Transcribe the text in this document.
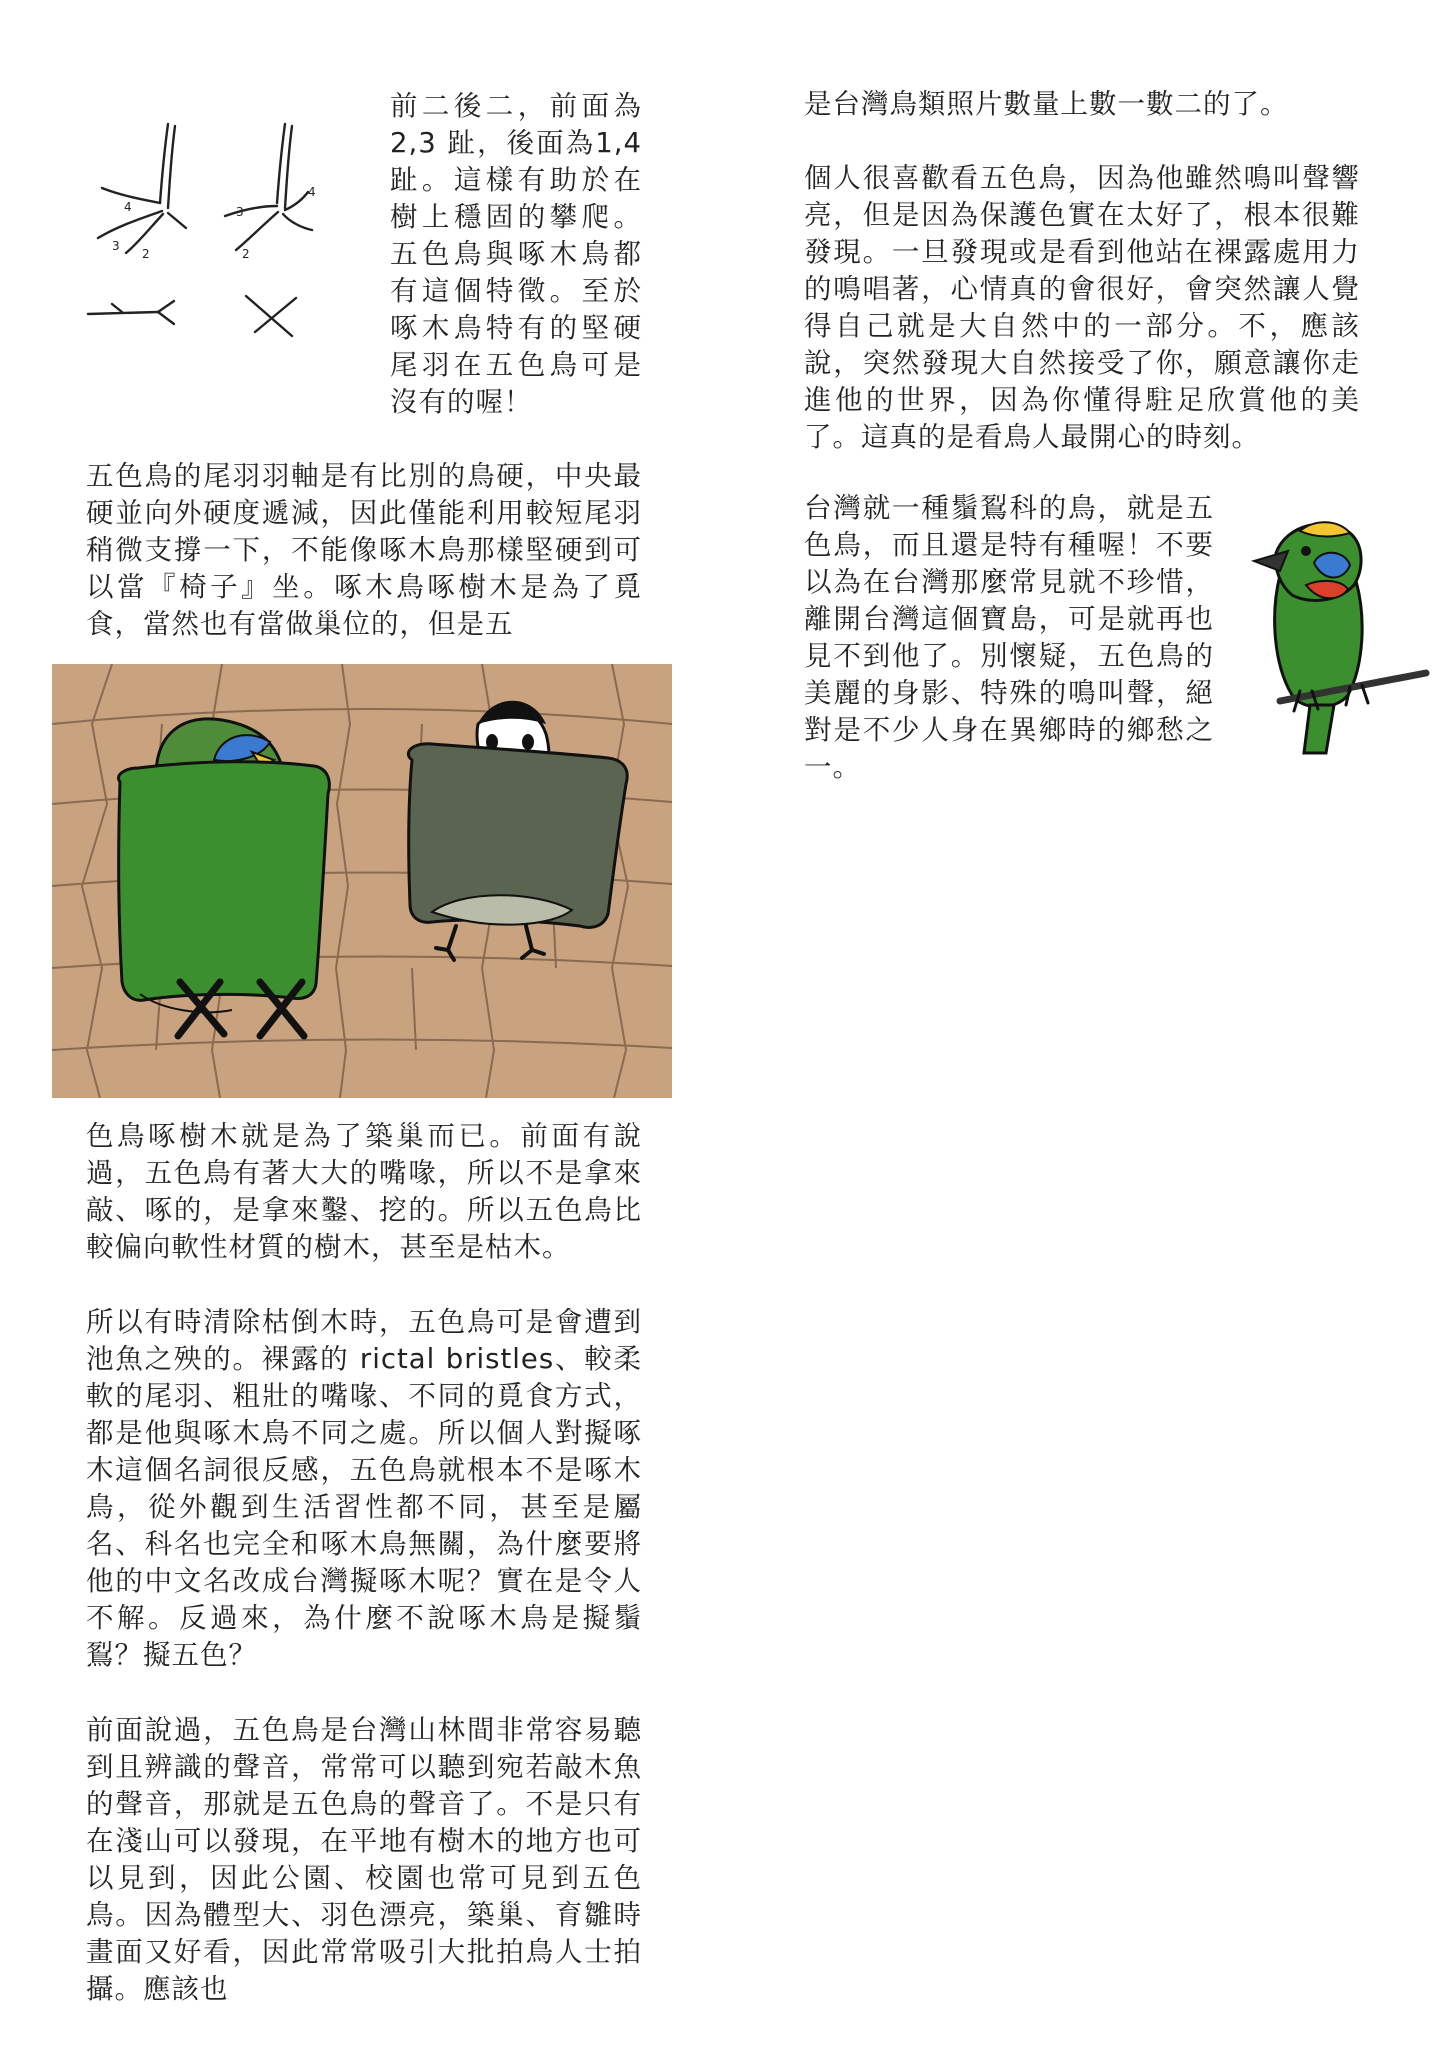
4
3
2
4
3
2

前二後二，前面為 2,3 趾，後面為1,4 趾。這樣有助於在樹上穩固的攀爬。五色鳥與啄木鳥都有這個特徵。至於啄木鳥特有的堅硬尾羽在五色鳥可是沒有的喔！

五色鳥的尾羽羽軸是有比別的鳥硬，中央最硬並向外硬度遞減，因此僅能利用較短尾羽稍微支撐一下，不能像啄木鳥那樣堅硬到可以當『椅子』坐。啄木鳥啄樹木是為了覓食，當然也有當做巢位的，但是五

色鳥啄樹木就是為了築巢而已。前面有說過，五色鳥有著大大的嘴喙，所以不是拿來敲、啄的，是拿來鑿、挖的。所以五色鳥比較偏向軟性材質的樹木，甚至是枯木。

所以有時清除枯倒木時，五色鳥可是會遭到池魚之殃的。裸露的 rictal bristles、較柔軟的尾羽、粗壯的嘴喙、不同的覓食方式，都是他與啄木鳥不同之處。所以個人對擬啄木這個名詞很反感，五色鳥就根本不是啄木鳥，從外觀到生活習性都不同，甚至是屬名、科名也完全和啄木鳥無關，為什麼要將他的中文名改成台灣擬啄木呢？實在是令人不解。反過來，為什麼不說啄木鳥是擬鬚鴷？擬五色？

前面說過，五色鳥是台灣山林間非常容易聽到且辨識的聲音，常常可以聽到宛若敲木魚的聲音，那就是五色鳥的聲音了。不是只有在淺山可以發現，在平地有樹木的地方也可以見到，因此公園、校園也常可見到五色鳥。因為體型大、羽色漂亮，築巢、育雛時畫面又好看，因此常常吸引大批拍鳥人士拍攝。應該也

是台灣鳥類照片數量上數一數二的了。

個人很喜歡看五色鳥，因為他雖然鳴叫聲響亮，但是因為保護色實在太好了，根本很難發現。一旦發現或是看到他站在裸露處用力的鳴唱著，心情真的會很好，會突然讓人覺得自己就是大自然中的一部分。不，應該說，突然發現大自然接受了你，願意讓你走進他的世界，因為你懂得駐足欣賞他的美了。這真的是看鳥人最開心的時刻。

台灣就一種鬚鴷科的鳥，就是五色鳥，而且還是特有種喔！不要以為在台灣那麼常見就不珍惜，離開台灣這個寶島，可是就再也見不到他了。別懷疑，五色鳥的美麗的身影、特殊的鳴叫聲，絕對是不少人身在異鄉時的鄉愁之一。
